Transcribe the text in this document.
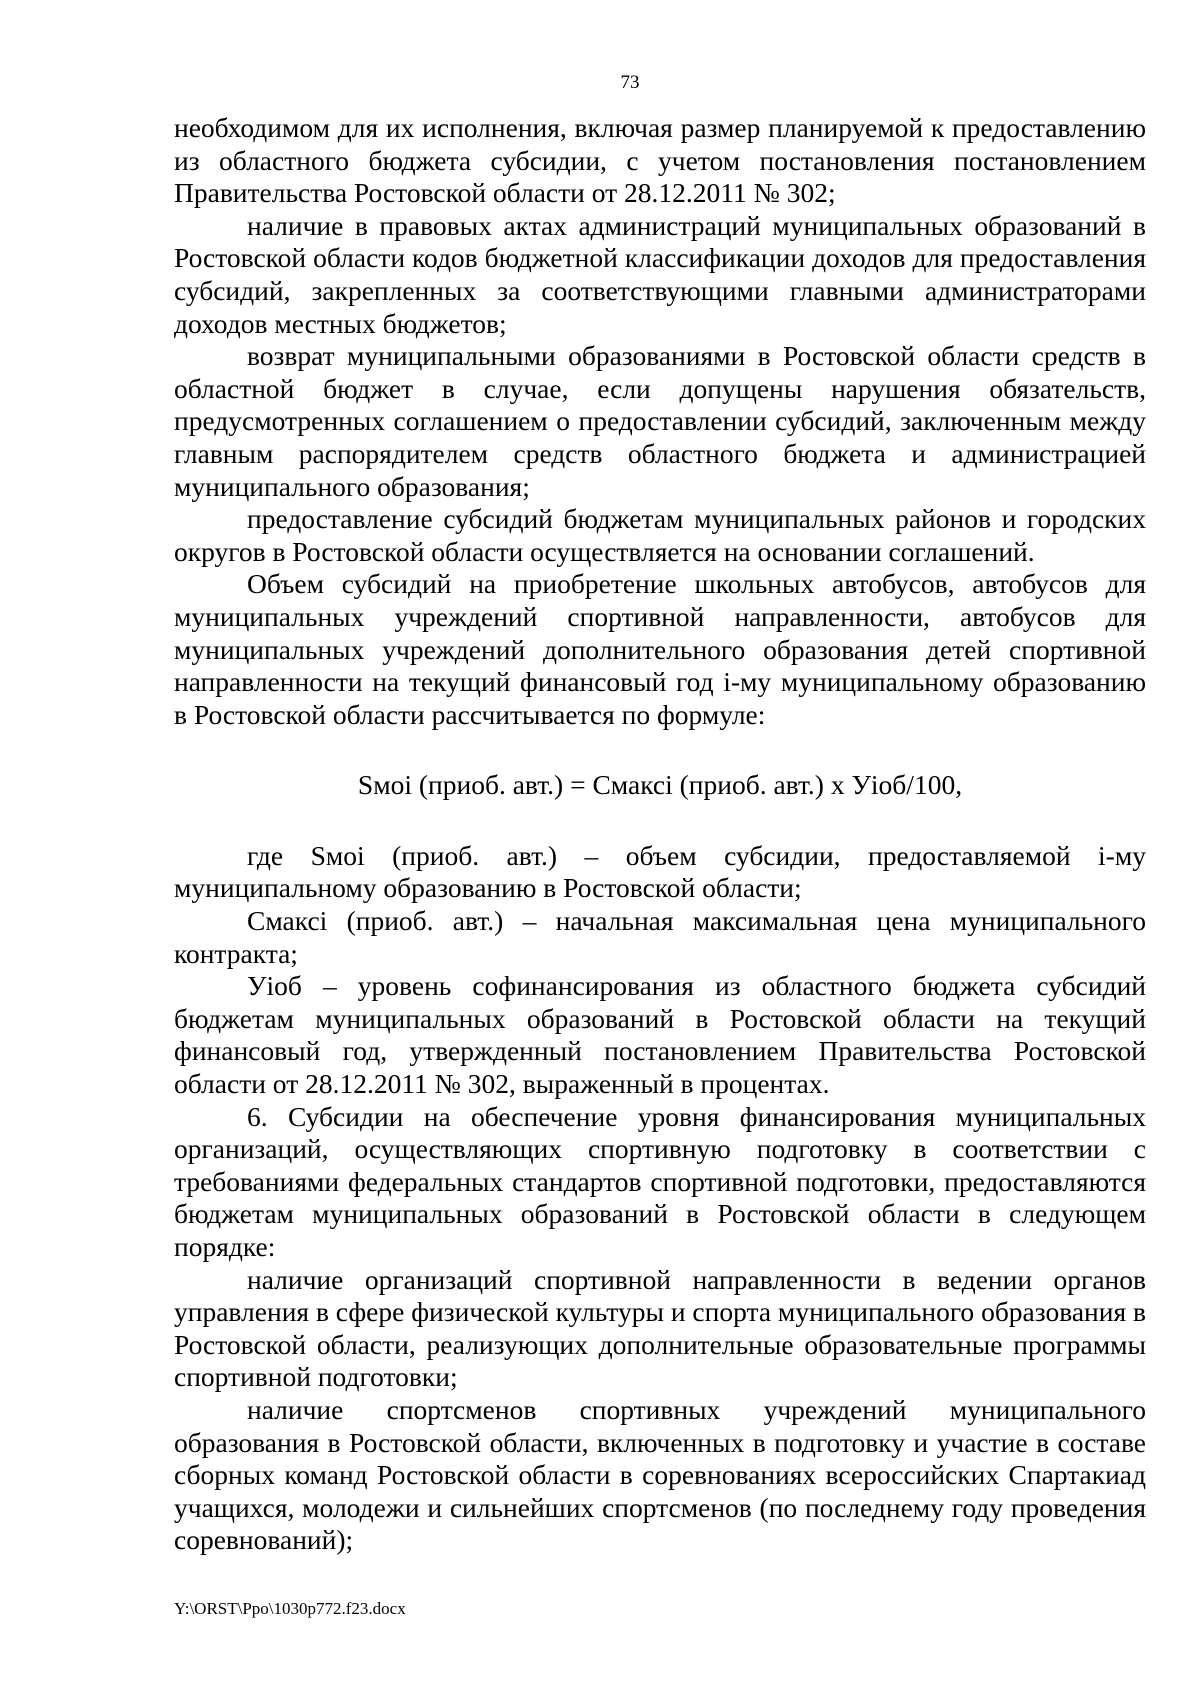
73

необходимом для их исполнения, включая размер планируемой к предоставлению из областного бюджета субсидии, с учетом постановления постановлением Правительства Ростовской области от 28.12.2011 № 302;

наличие в правовых актах администраций муниципальных образований в Ростовской области кодов бюджетной классификации доходов для предоставления субсидий, закрепленных за соответствующими главными администраторами доходов местных бюджетов;

возврат муниципальными образованиями в Ростовской области средств в областной бюджет в случае, если допущены нарушения обязательств, предусмотренных соглашением о предоставлении субсидий, заключенным между главным распорядителем средств областного бюджета и администрацией муниципального образования;

предоставление субсидий бюджетам муниципальных районов и городских округов в Ростовской области осуществляется на основании соглашений.

Объем субсидий на приобретение школьных автобусов, автобусов для муниципальных учреждений спортивной направленности, автобусов для муниципальных учреждений дополнительного образования детей спортивной направленности на текущий финансовый год i-му муниципальному образованию в Ростовской области рассчитывается по формуле:

Sмоi (приоб. авт.) = Смаксi (приоб. авт.) х Уiоб/100,

где Sмоi (приоб. авт.) – объем субсидии, предоставляемой i-му муниципальному образованию в Ростовской области;

Смаксi (приоб. авт.) – начальная максимальная цена муниципального контракта;

Уiоб – уровень софинансирования из областного бюджета субсидий бюджетам муниципальных образований в Ростовской области на текущий финансовый год, утвержденный постановлением Правительства Ростовской области от 28.12.2011 № 302, выраженный в процентах.

6. Субсидии на обеспечение уровня финансирования муниципальных организаций, осуществляющих спортивную подготовку в соответствии с требованиями федеральных стандартов спортивной подготовки, предоставляются бюджетам муниципальных образований в Ростовской области в следующем порядке:

наличие организаций спортивной направленности в ведении органов управления в сфере физической культуры и спорта муниципального образования в Ростовской области, реализующих дополнительные образовательные программы спортивной подготовки;

наличие спортсменов спортивных учреждений муниципального образования в Ростовской области, включенных в подготовку и участие в составе сборных команд Ростовской области в соревнованиях всероссийских Спартакиад учащихся, молодежи и сильнейших спортсменов (по последнему году проведения соревнований);

Y:\ORST\Ppo\1030p772.f23.docx
